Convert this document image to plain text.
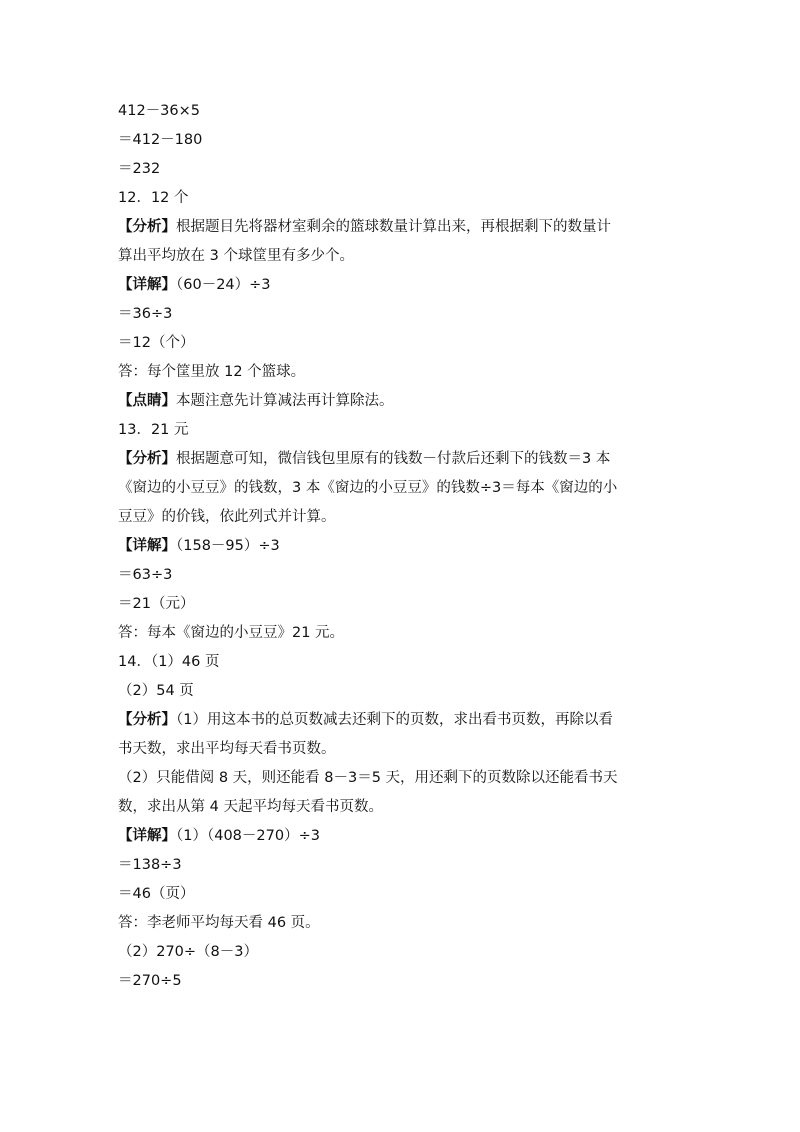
412－36×5
＝412－180
＝232
12．12 个
【分析】根据题目先将器材室剩余的篮球数量计算出来，再根据剩下的数量计
算出平均放在 3 个球筐里有多少个。
【详解】（60－24）÷3
＝36÷3
＝12（个）
答：每个筐里放 12 个篮球。
【点睛】本题注意先计算减法再计算除法。
13．21 元
【分析】根据题意可知，微信钱包里原有的钱数－付款后还剩下的钱数＝3 本
《窗边的小豆豆》的钱数，3 本《窗边的小豆豆》的钱数÷3＝每本《窗边的小
豆豆》的价钱，依此列式并计算。
【详解】（158－95）÷3
＝63÷3
＝21（元）
答：每本《窗边的小豆豆》21 元。
14．（1）46 页
（2）54 页
【分析】（1）用这本书的总页数减去还剩下的页数，求出看书页数，再除以看
书天数，求出平均每天看书页数。
（2）只能借阅 8 天，则还能看 8－3＝5 天，用还剩下的页数除以还能看书天
数，求出从第 4 天起平均每天看书页数。
【详解】（1）（408－270）÷3
＝138÷3
＝46（页）
答：李老师平均每天看 46 页。
（2）270÷（8－3）
＝270÷5
